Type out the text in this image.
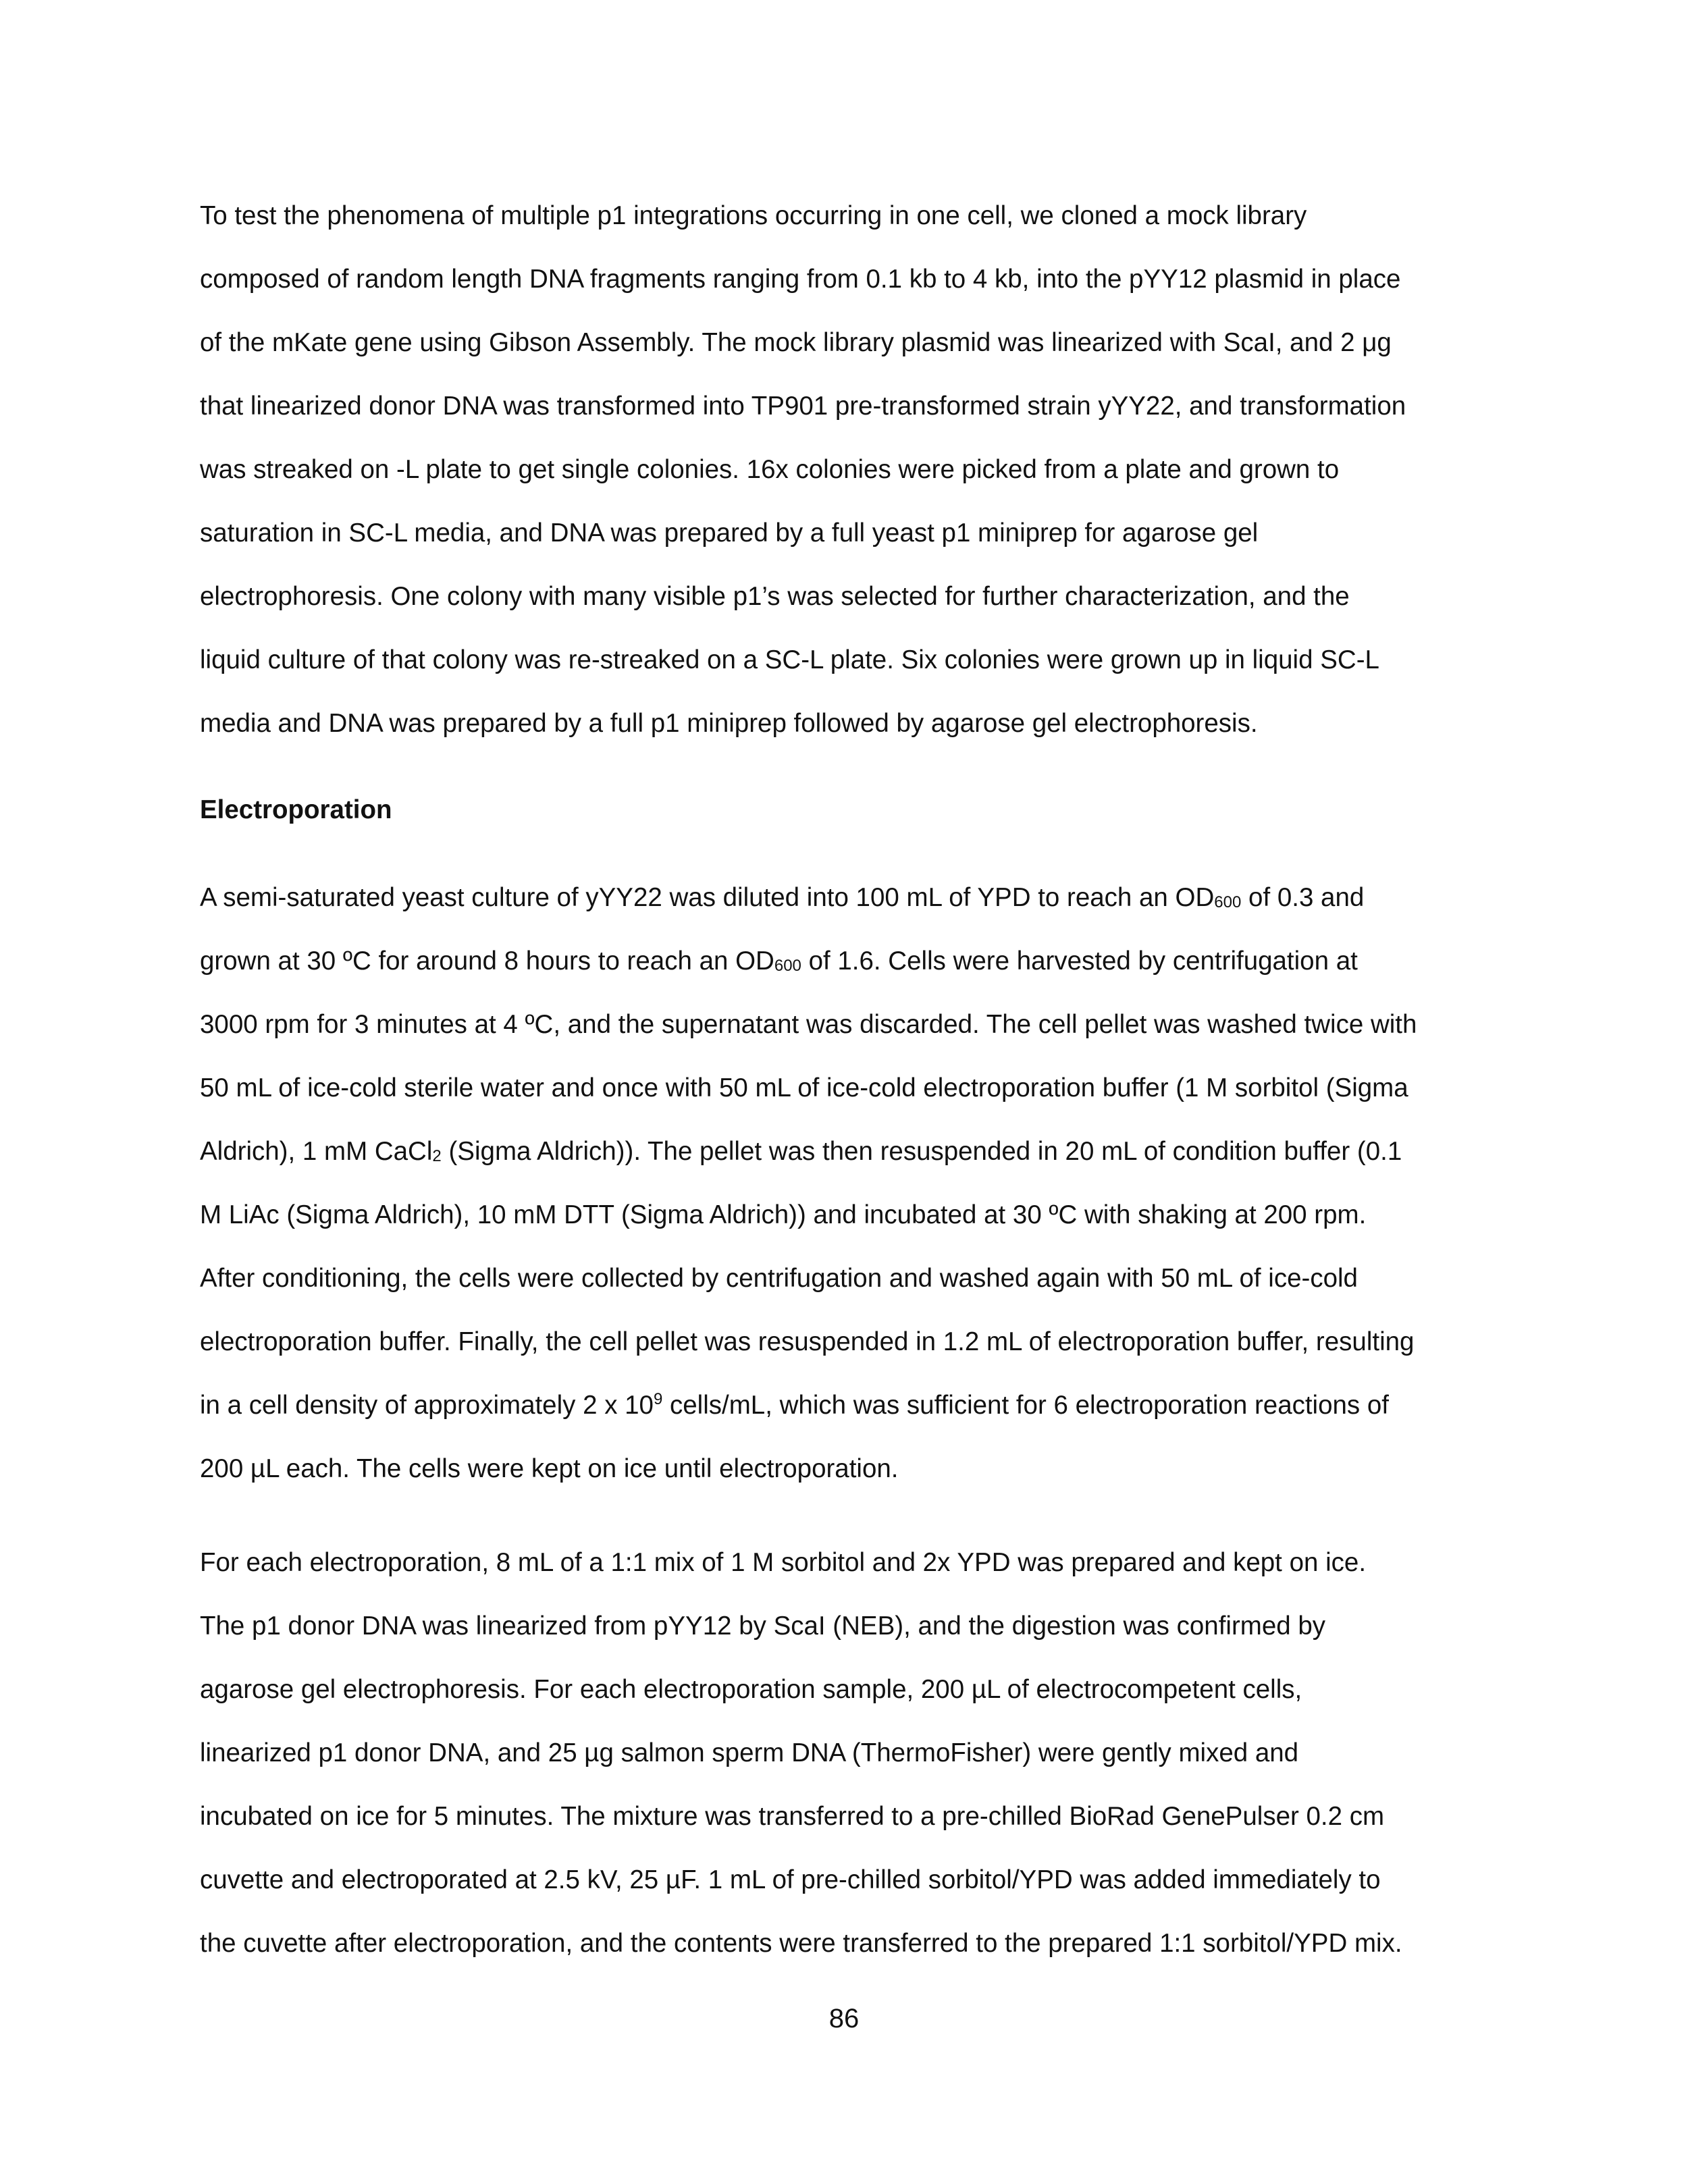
To test the phenomena of multiple p1 integrations occurring in one cell, we cloned a mock library
composed of random length DNA fragments ranging from 0.1 kb to 4 kb, into the pYY12 plasmid in place
of the mKate gene using Gibson Assembly. The mock library plasmid was linearized with ScaI, and 2 μg
that linearized donor DNA was transformed into TP901 pre-transformed strain yYY22, and transformation
was streaked on -L plate to get single colonies. 16x colonies were picked from a plate and grown to
saturation in SC-L media, and DNA was prepared by a full yeast p1 miniprep for agarose gel
electrophoresis. One colony with many visible p1’s was selected for further characterization, and the
liquid culture of that colony was re-streaked on a SC-L plate. Six colonies were grown up in liquid SC-L
media and DNA was prepared by a full p1 miniprep followed by agarose gel electrophoresis.

Electroporation

A semi-saturated yeast culture of yYY22 was diluted into 100 mL of YPD to reach an $OD_{600}$ of 0.3 and
grown at 30 ºC for around 8 hours to reach an $OD_{600}$ of 1.6. Cells were harvested by centrifugation at
3000 rpm for 3 minutes at 4 ºC, and the supernatant was discarded. The cell pellet was washed twice with
50 mL of ice-cold sterile water and once with 50 mL of ice-cold electroporation buffer (1 M sorbitol (Sigma
Aldrich), 1 mM CaCl$_2$ (Sigma Aldrich)). The pellet was then resuspended in 20 mL of condition buffer (0.1
M LiAc (Sigma Aldrich), 10 mM DTT (Sigma Aldrich)) and incubated at 30 ºC with shaking at 200 rpm.
After conditioning, the cells were collected by centrifugation and washed again with 50 mL of ice-cold
electroporation buffer. Finally, the cell pellet was resuspended in 1.2 mL of electroporation buffer, resulting
in a cell density of approximately 2 x $10^9$ cells/mL, which was sufficient for 6 electroporation reactions of
200 µL each. The cells were kept on ice until electroporation.

For each electroporation, 8 mL of a 1:1 mix of 1 M sorbitol and 2x YPD was prepared and kept on ice.
The p1 donor DNA was linearized from pYY12 by ScaI (NEB), and the digestion was confirmed by
agarose gel electrophoresis. For each electroporation sample, 200 µL of electrocompetent cells,
linearized p1 donor DNA, and 25 µg salmon sperm DNA (ThermoFisher) were gently mixed and
incubated on ice for 5 minutes. The mixture was transferred to a pre-chilled BioRad GenePulser 0.2 cm
cuvette and electroporated at 2.5 kV, 25 µF. 1 mL of pre-chilled sorbitol/YPD was added immediately to
the cuvette after electroporation, and the contents were transferred to the prepared 1:1 sorbitol/YPD mix.

86
